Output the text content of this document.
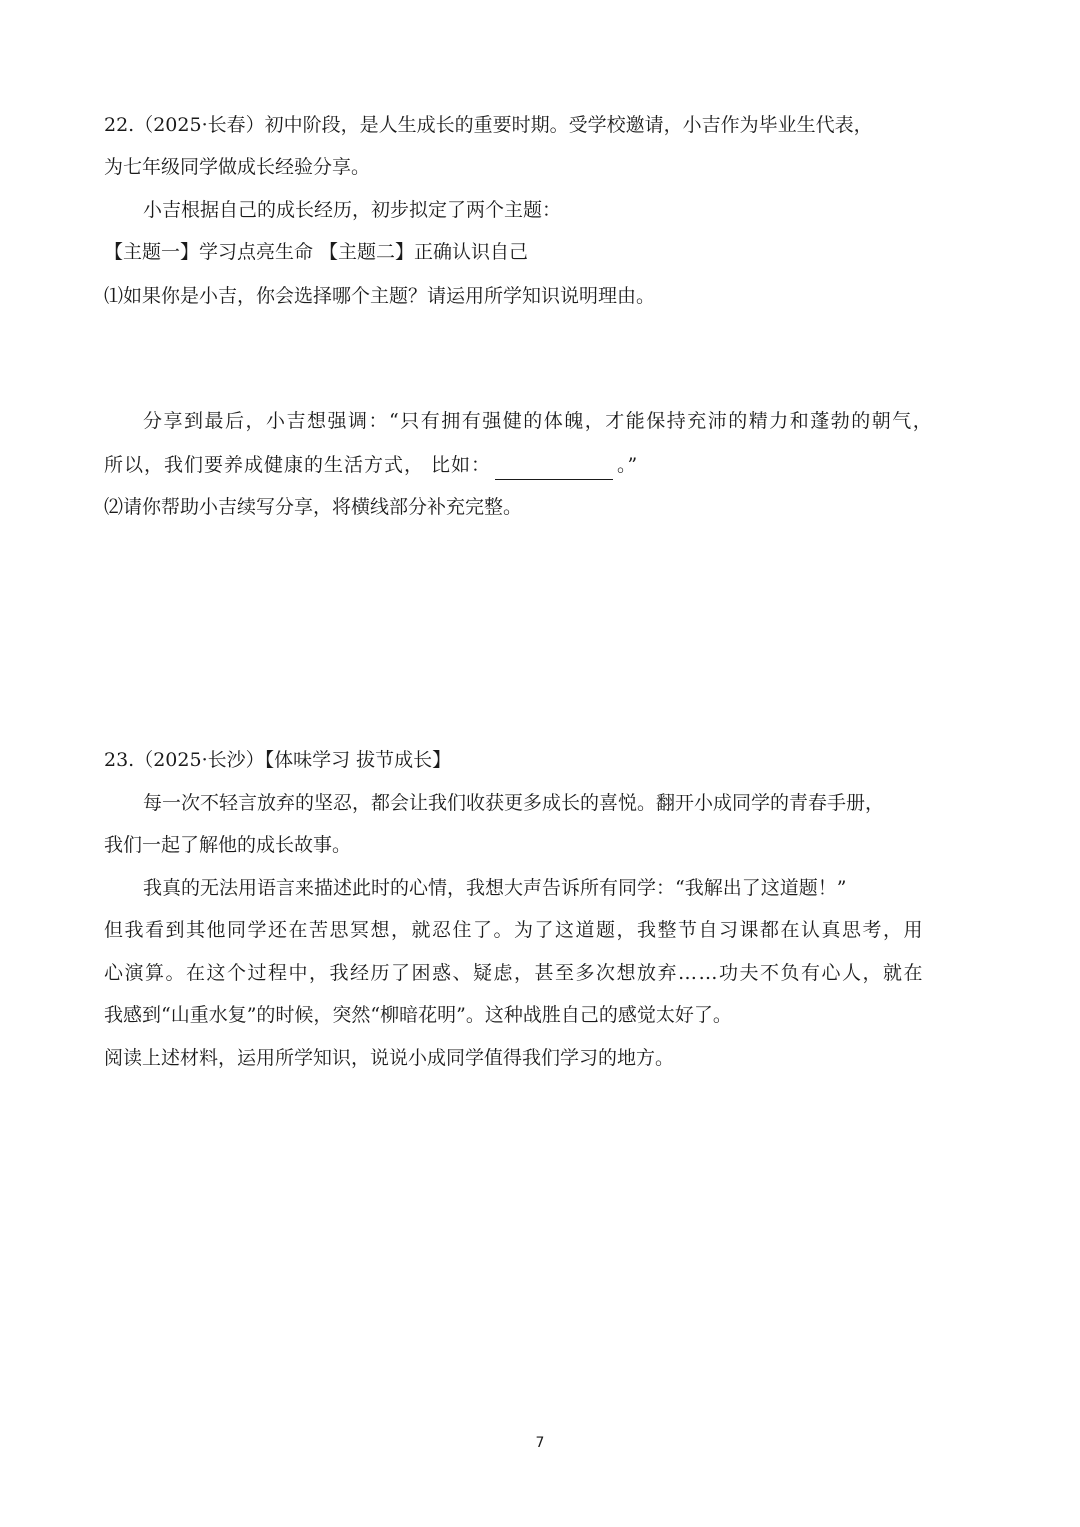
22.（2025·长春）初中阶段，是人生成长的重要时期。受学校邀请，小吉作为毕业生代表，
为七年级同学做成长经验分享。
小吉根据自己的成长经历，初步拟定了两个主题：
【主题一】学习点亮生命 【主题二】正确认识自己
⑴如果你是小吉，你会选择哪个主题？请运用所学知识说明理由。
分享到最后，小吉想强调：“只有拥有强健的体魄，才能保持充沛的精力和蓬勃的朝气，
所以，我们要养成健康的生活方式， 比如：	。”
⑵请你帮助小吉续写分享，将横线部分补充完整。
23.（2025·长沙）【体味学习 拔节成长】
每一次不轻言放弃的坚忍，都会让我们收获更多成长的喜悦。翻开小成同学的青春手册，
我们一起了解他的成长故事。
我真的无法用语言来描述此时的心情，我想大声告诉所有同学：“我解出了这道题！”
但我看到其他同学还在苦思冥想，就忍住了。为了这道题，我整节自习课都在认真思考，用
心演算。在这个过程中，我经历了困惑、疑虑，甚至多次想放弃……功夫不负有心人，就在
我感到“山重水复”的时候，突然“柳暗花明”。这种战胜自己的感觉太好了。
阅读上述材料，运用所学知识，说说小成同学值得我们学习的地方。
7
